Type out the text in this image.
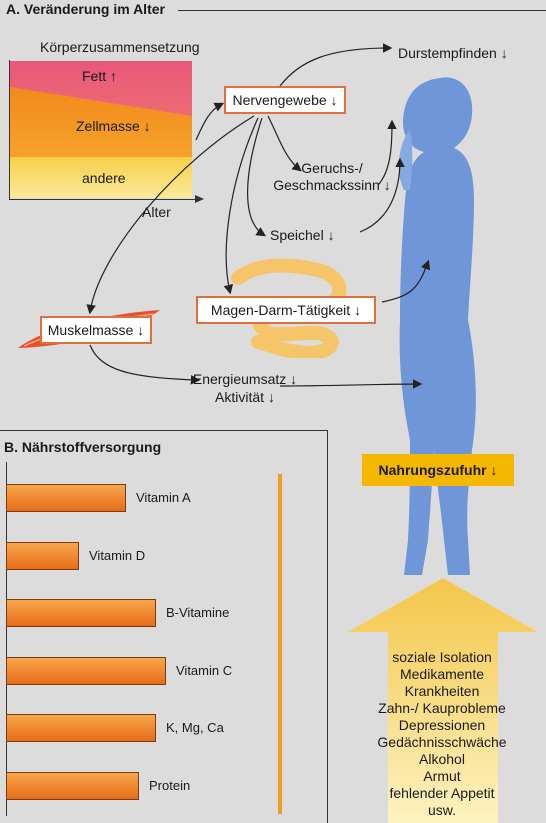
A. Veränderung im Alter
Körperzusammensetzung
Fett ↑
Zellmasse ↓
andere
Alter
Nervengewebe ↓
Durstempfinden ↓
Geruchs-/
Geschmackssinn ↓
Speichel ↓
Magen-Darm-Tätigkeit ↓
Muskelmasse ↓
Energieumsatz ↓
Aktivität ↓
Nahrungszufuhr ↓
soziale Isolation
Medikamente
Krankheiten
Zahn-/ Kauprobleme
Depressionen
Gedächnisschwäche
Alkohol
Armut
fehlender Appetit
usw.
B. Nährstoffversorgung
Vitamin A
Vitamin D
B-Vitamine
Vitamin C
K, Mg, Ca
Protein
